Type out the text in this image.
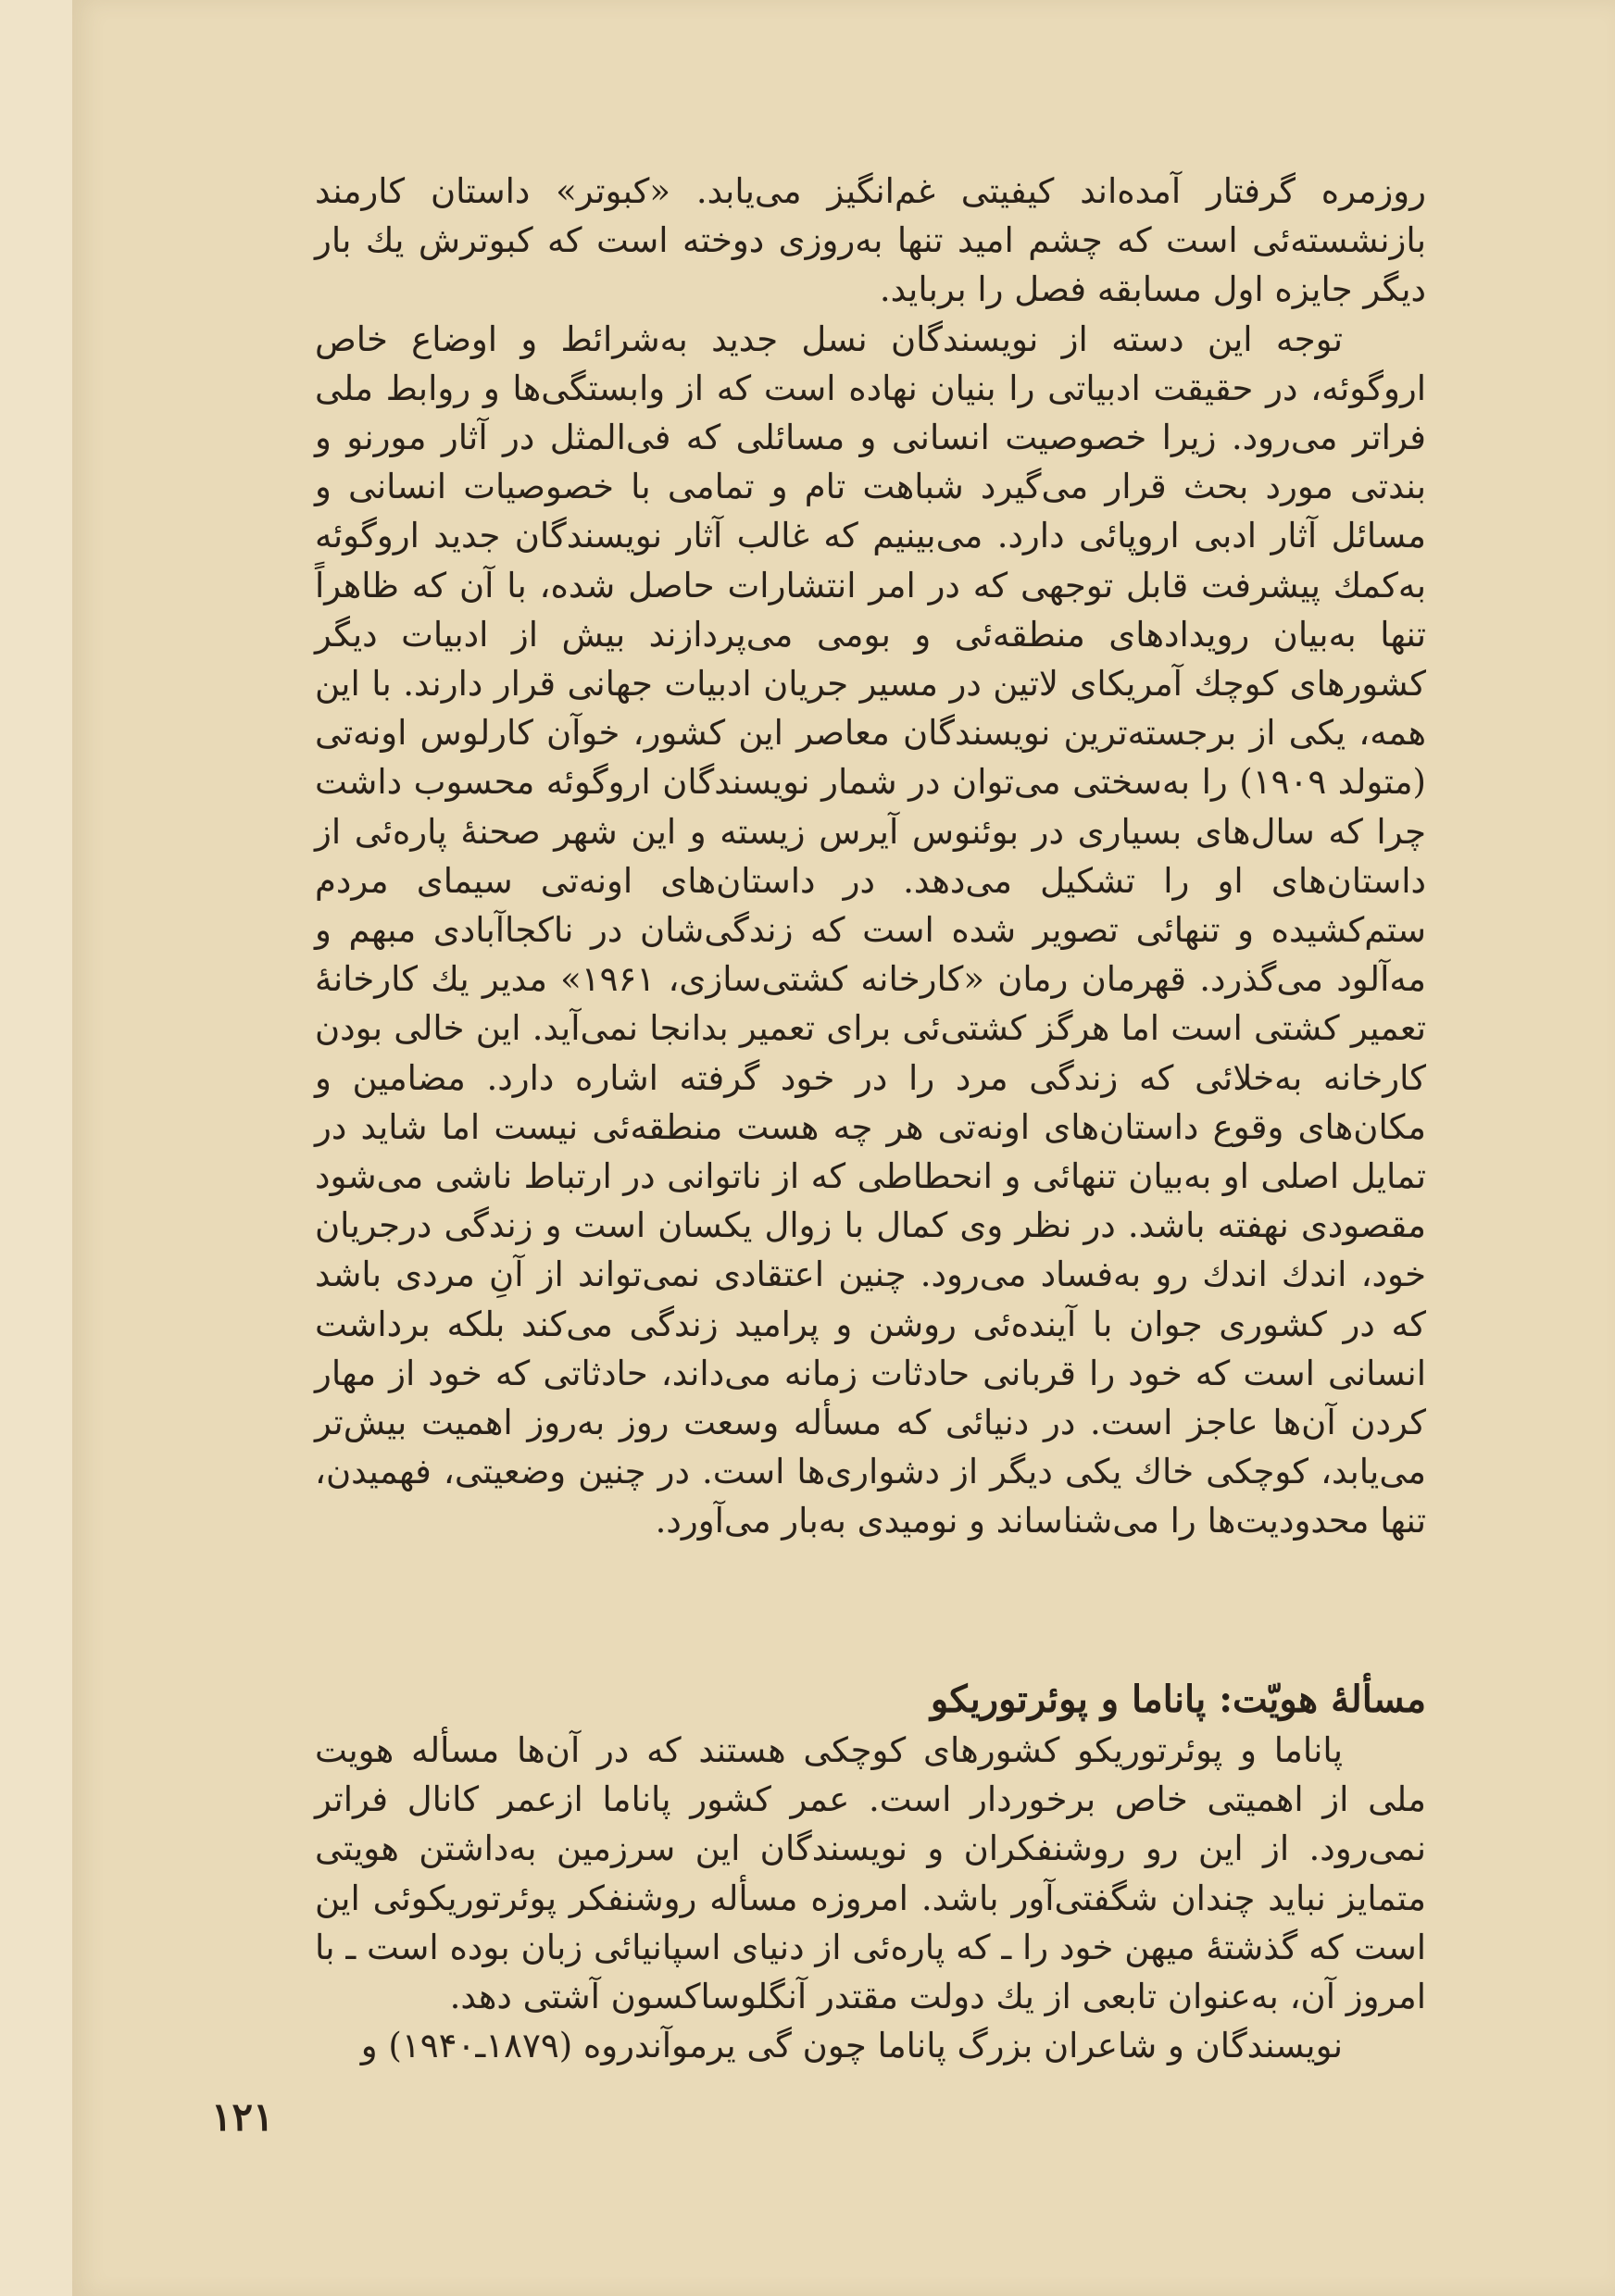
روزمره گرفتار آمده‌اند کیفیتی غم‌انگیز می‌یابد. «کبوتر» داستان کارمند بازنشسته‌ئی است که چشم امید تنها به‌روزی دوخته است که کبوترش یك بار دیگر جایزه اول مسابقه فصل را برباید.

توجه این دسته از نویسندگان نسل جدید به‌شرائط و اوضاع خاص اروگوئه، در حقیقت ادبیاتی را بنیان نهاده است که از وابستگی‌ها و روابط ملی فراتر می‌رود. زیرا خصوصیت انسانی و مسائلی که فی‌المثل در آثار مورنو و بندتی مورد بحث قرار می‌گیرد شباهت تام و تمامی با خصوصیات انسانی و مسائل آثار ادبی اروپائی دارد. می‌بینیم که غالب آثار نویسندگان جدید اروگوئه به‌کمك پیشرفت قابل توجهی که در امر انتشارات حاصل شده، با آن که ظاهراً تنها به‌بیان رویدادهای منطقه‌ئی و بومی می‌پردازند بیش از ادبیات دیگر کشورهای کوچك آمریکای لاتین در مسیر جریان ادبیات جهانی قرار دارند. با این همه، یکی از برجسته‌ترین نویسندگان معاصر این کشور، خوآن کارلوس اونه‌تی (متولد ۱۹۰۹) را به‌سختی می‌توان در شمار نویسندگان اروگوئه محسوب داشت چرا که سال‌های بسیاری در بوئنوس آیرس زیسته و این شهر صحنهٔ پاره‌ئی از داستان‌های او را تشکیل می‌دهد. در داستان‌های اونه‌تی سیمای مردم ستم‌کشیده و تنهائی تصویر شده است که زندگی‌شان در ناکجاآبادی مبهم و مه‌آلود می‌گذرد. قهرمان رمان «کارخانه کشتی‌سازی، ۱۹۶۱» مدیر یك کارخانهٔ تعمیر کشتی است اما هرگز کشتی‌ئی برای تعمیر بدانجا نمی‌آید. این خالی بودن کارخانه به‌خلائی که زندگی مرد را در خود گرفته اشاره دارد. مضامین و مکان‌های وقوع داستان‌های اونه‌تی هر چه هست منطقه‌ئی نیست اما شاید در تمایل اصلی او به‌بیان تنهائی و انحطاطی که از ناتوانی در ارتباط ناشی می‌شود مقصودی نهفته باشد. در نظر وی کمال با زوال یکسان است و زندگی درجریان خود، اندك اندك رو به‌فساد می‌رود. چنین اعتقادی نمی‌تواند از آنِ مردی باشد که در کشوری جوان با آینده‌ئی روشن و پرامید زندگی می‌کند بلکه برداشت انسانی است که خود را قربانی حادثات زمانه می‌داند، حادثاتی که خود از مهار کردن آن‌ها عاجز است. در دنیائی که مسأله وسعت روز به‌روز اهمیت بیش‌تر می‌یابد، کوچکی خاك یکی دیگر از دشواری‌ها است. در چنین وضعیتی، فهمیدن، تنها محدودیت‌ها را می‌شناساند و نومیدی به‌بار می‌آورد.

مسألهٔ هویّت: پاناما و پوئرتوریکو

پاناما و پوئرتوریکو کشورهای کوچکی هستند که در آن‌ها مسأله هویت ملی از اهمیتی خاص برخوردار است. عمر کشور پاناما ازعمر کانال فراتر نمی‌رود. از این رو روشنفکران و نویسندگان این سرزمین به‌داشتن هویتی متمایز نباید چندان شگفتی‌آور باشد. امروزه مسأله روشنفکر پوئرتوریکوئی این است که گذشتهٔ میهن خود را ـ که پاره‌ئی از دنیای اسپانیائی زبان بوده است ـ با امروز آن، به‌عنوان تابعی از یك دولت مقتدر آنگلوساکسون آشتی دهد.

نویسندگان و شاعران بزرگ پاناما چون گی یرموآندروه (۱۸۷۹ـ۱۹۴۰) و

۱۲۱
